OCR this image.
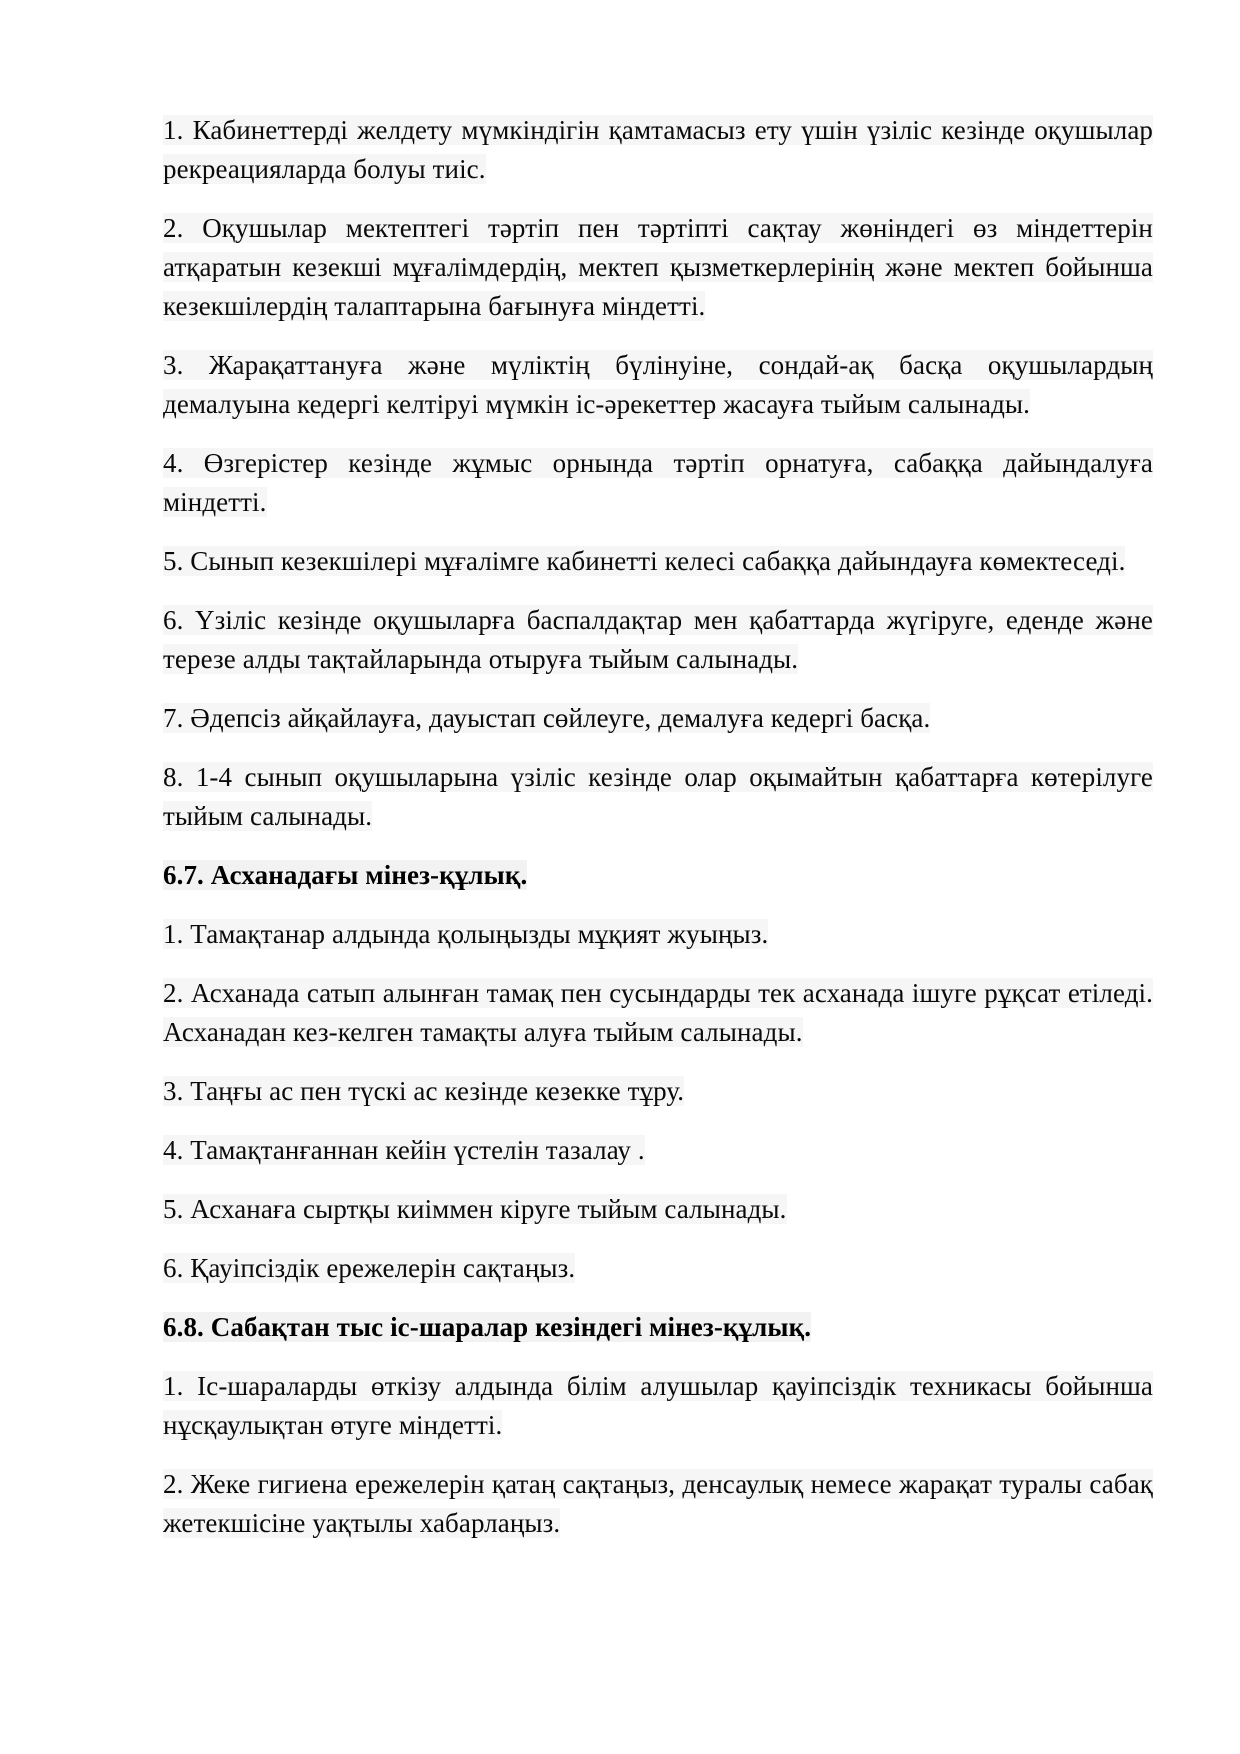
1. Кабинеттерді желдету мүмкіндігін қамтамасыз ету үшін үзіліс кезінде оқушылар рекреацияларда болуы тиіс.

2. Оқушылар мектептегі тәртіп пен тәртіпті сақтау жөніндегі өз міндеттерін атқаратын кезекші мұғалімдердің, мектеп қызметкерлерінің және мектеп бойынша кезекшілердің талаптарына бағынуға міндетті.

3. Жарақаттануға және мүліктің бүлінуіне, сондай-ақ басқа оқушылардың демалуына кедергі келтіруі мүмкін іс-әрекеттер жасауға тыйым салынады.

4. Өзгерістер кезінде жұмыс орнында тәртіп орнатуға, сабаққа дайындалуға міндетті.

5. Сынып кезекшілері мұғалімге кабинетті келесі сабаққа дайындауға көмектеседі.

6. Үзіліс кезінде оқушыларға баспалдақтар мен қабаттарда жүгіруге, еденде және терезе алды тақтайларында отыруға тыйым салынады.

7. Әдепсіз айқайлауға, дауыстап сөйлеуге, демалуға кедергі басқа.

8. 1-4 сынып оқушыларына үзіліс кезінде олар оқымайтын қабаттарға көтерілуге тыйым салынады.

6.7. Асханадағы мінез-құлық.

1. Тамақтанар алдында қолыңызды мұқият жуыңыз.

2. Асханада сатып алынған тамақ пен сусындарды тек асханада ішуге рұқсат етіледі. Асханадан кез-келген тамақты алуға тыйым салынады.

3. Таңғы ас пен түскі ас кезінде кезекке тұру.

4. Тамақтанғаннан кейін үстелін тазалау .

5. Асханаға сыртқы киіммен кіруге тыйым салынады.

6. Қауіпсіздік ережелерін сақтаңыз.

6.8. Сабақтан тыс іс-шаралар кезіндегі мінез-құлық.

1. Іс-шараларды өткізу алдында білім алушылар қауіпсіздік техникасы бойынша нұсқаулықтан өтуге міндетті.

2. Жеке гигиена ережелерін қатаң сақтаңыз, денсаулық немесе жарақат туралы сабақ жетекшісіне уақтылы хабарлаңыз.
